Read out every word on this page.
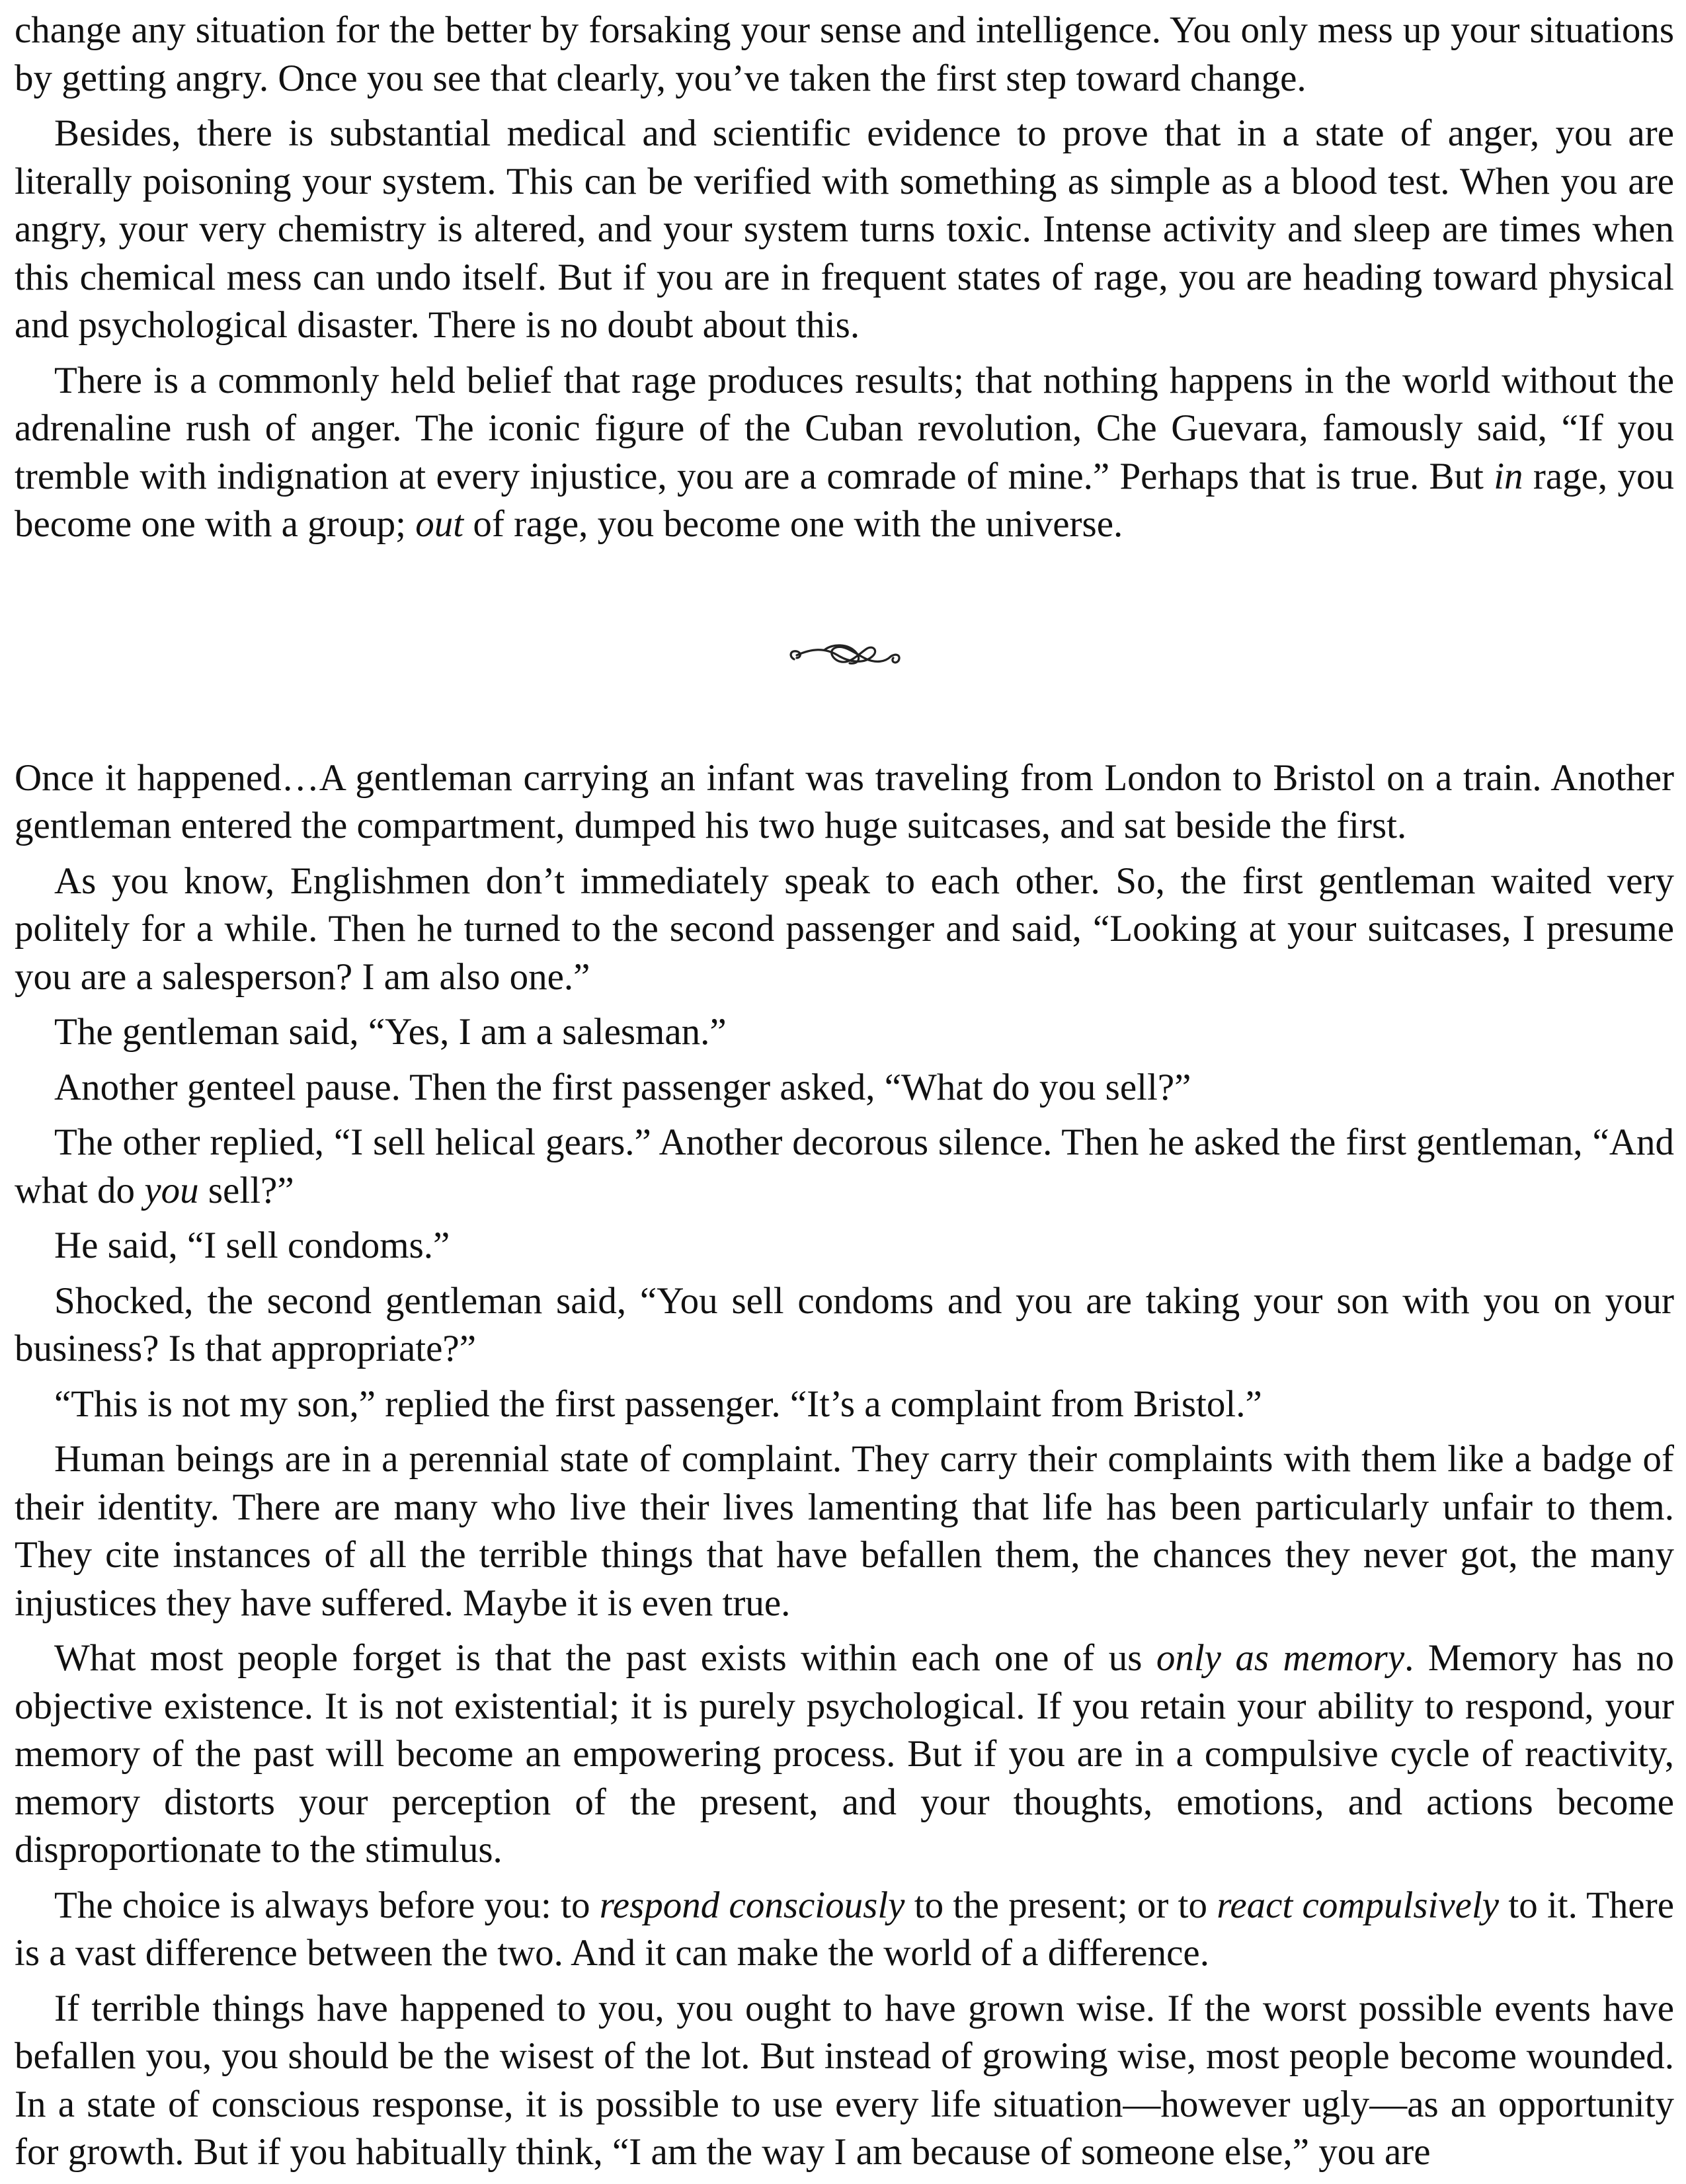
change any situation for the better by forsaking your sense and intelligence. You only mess up your situations by getting angry. Once you see that clearly, you’ve taken the first step toward change.

Besides, there is substantial medical and scientific evidence to prove that in a state of anger, you are literally poisoning your system. This can be verified with something as simple as a blood test. When you are angry, your very chemistry is altered, and your system turns toxic. Intense activity and sleep are times when this chemical mess can undo itself. But if you are in frequent states of rage, you are heading toward physical and psychological disaster. There is no doubt about this.

There is a commonly held belief that rage produces results; that nothing happens in the world without the adrenaline rush of anger. The iconic figure of the Cuban revolution, Che Guevara, famously said, “If you tremble with indignation at every injustice, you are a comrade of mine.” Perhaps that is true. But in rage, you become one with a group; out of rage, you become one with the universe.

Once it happened…A gentleman carrying an infant was traveling from London to Bristol on a train. Another gentleman entered the compartment, dumped his two huge suitcases, and sat beside the first.

As you know, Englishmen don’t immediately speak to each other. So, the first gentleman waited very politely for a while. Then he turned to the second passenger and said, “Looking at your suitcases, I presume you are a salesperson? I am also one.”

The gentleman said, “Yes, I am a salesman.”

Another genteel pause. Then the first passenger asked, “What do you sell?”

The other replied, “I sell helical gears.” Another decorous silence. Then he asked the first gentleman, “And what do you sell?”

He said, “I sell condoms.”

Shocked, the second gentleman said, “You sell condoms and you are taking your son with you on your business? Is that appropriate?”

“This is not my son,” replied the first passenger. “It’s a complaint from Bristol.”

Human beings are in a perennial state of complaint. They carry their complaints with them like a badge of their identity. There are many who live their lives lamenting that life has been particularly unfair to them. They cite instances of all the terrible things that have befallen them, the chances they never got, the many injustices they have suffered. Maybe it is even true.

What most people forget is that the past exists within each one of us only as memory. Memory has no objective existence. It is not existential; it is purely psychological. If you retain your ability to respond, your memory of the past will become an empowering process. But if you are in a compulsive cycle of reactivity, memory distorts your perception of the present, and your thoughts, emotions, and actions become disproportionate to the stimulus.

The choice is always before you: to respond consciously to the present; or to react compulsively to it. There is a vast difference between the two. And it can make the world of a difference.

If terrible things have happened to you, you ought to have grown wise. If the worst possible events have befallen you, you should be the wisest of the lot. But instead of growing wise, most people become wounded. In a state of conscious response, it is possible to use every life situation—however ugly—as an opportunity for growth. But if you habitually think, “I am the way I am because of someone else,” you are
